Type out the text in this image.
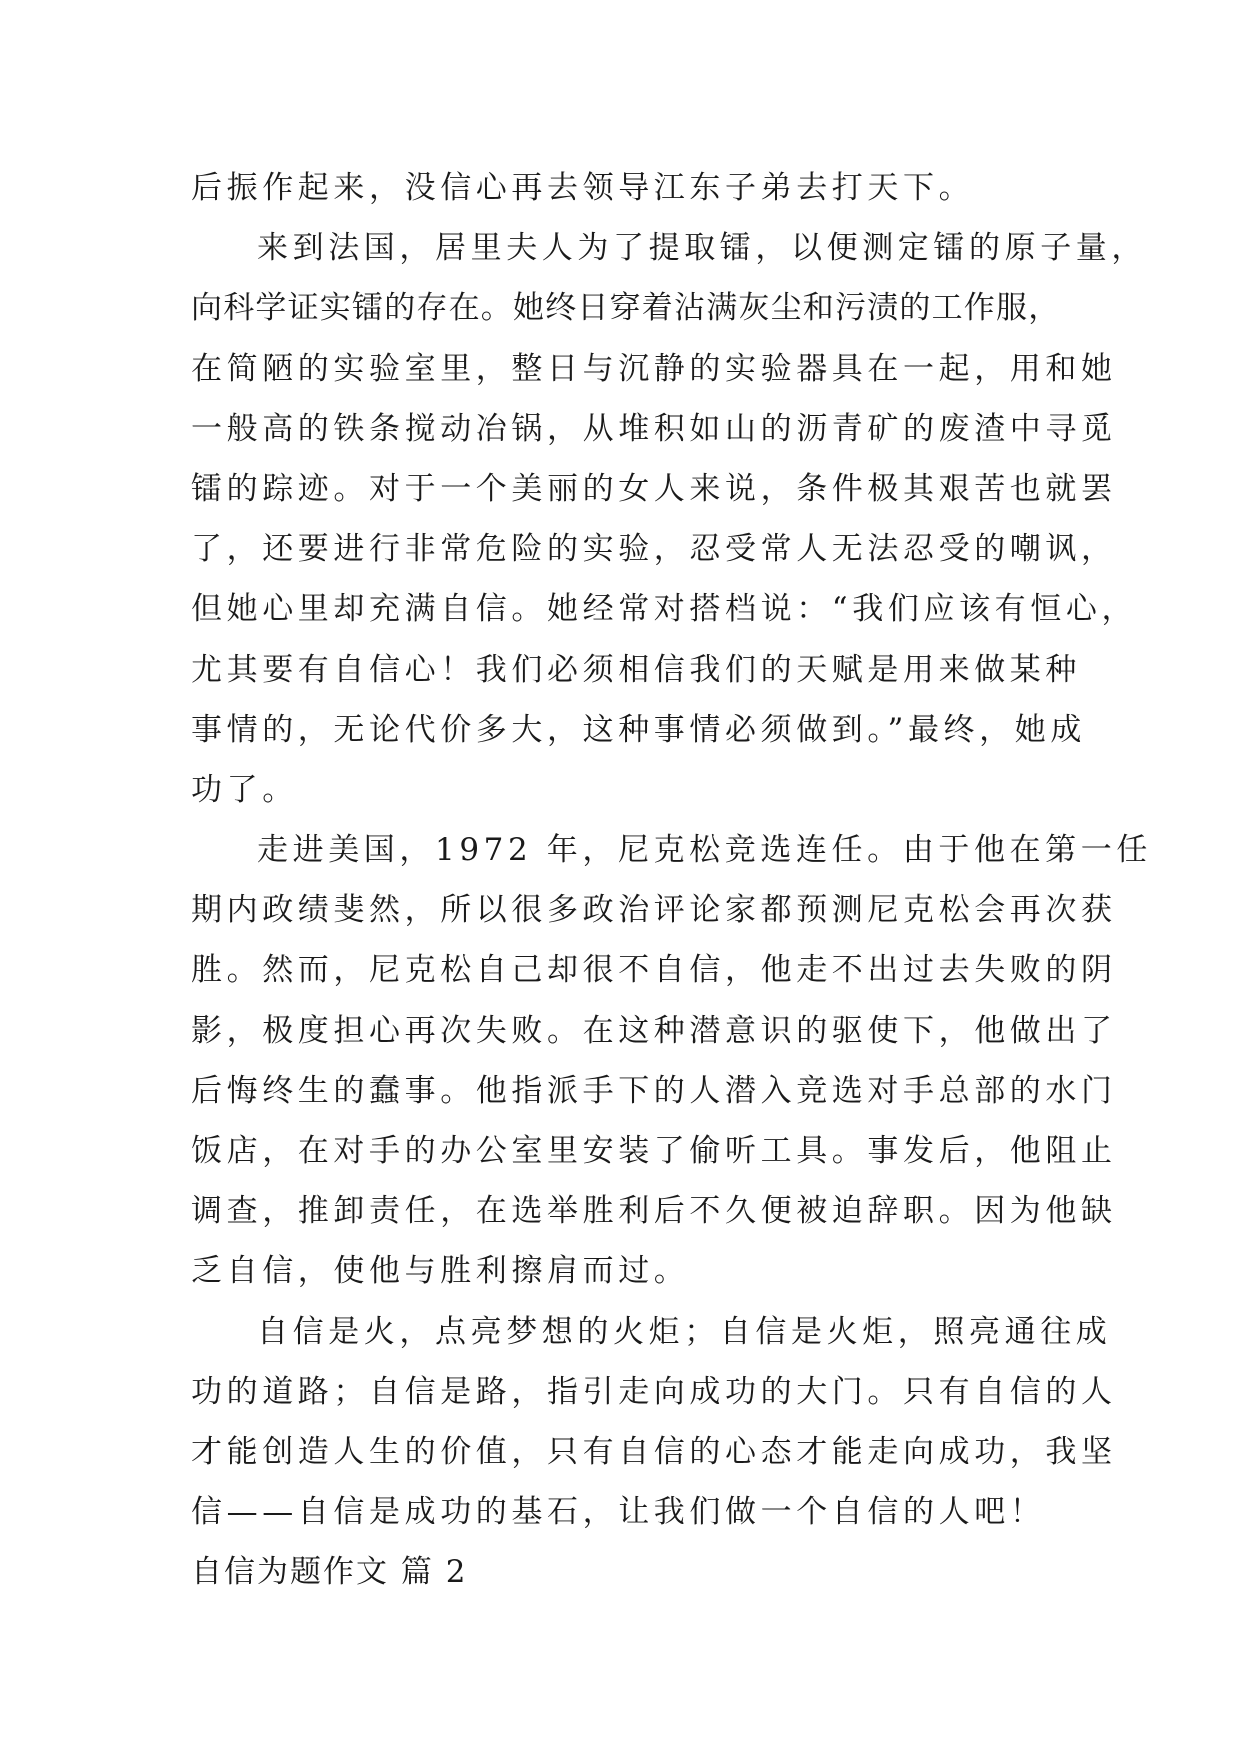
后振作起来，没信心再去领导江东子弟去打天下。
来到法国，居里夫人为了提取镭，以便测定镭的原子量，
向科学证实镭的存在。她终日穿着沾满灰尘和污渍的工作服，
在简陋的实验室里，整日与沉静的实验器具在一起，用和她
一般高的铁条搅动冶锅，从堆积如山的沥青矿的废渣中寻觅
镭的踪迹。对于一个美丽的女人来说，条件极其艰苦也就罢
了，还要进行非常危险的实验，忍受常人无法忍受的嘲讽，
但她心里却充满自信。她经常对搭档说：“我们应该有恒心，
尤其要有自信心！我们必须相信我们的天赋是用来做某种
事情的，无论代价多大，这种事情必须做到。”最终，她成
功了。
走进美国，1972 年，尼克松竞选连任。由于他在第一任
期内政绩斐然，所以很多政治评论家都预测尼克松会再次获
胜。然而，尼克松自己却很不自信，他走不出过去失败的阴
影，极度担心再次失败。在这种潜意识的驱使下，他做出了
后悔终生的蠢事。他指派手下的人潜入竞选对手总部的水门
饭店，在对手的办公室里安装了偷听工具。事发后，他阻止
调查，推卸责任，在选举胜利后不久便被迫辞职。因为他缺
乏自信，使他与胜利擦肩而过。
自信是火，点亮梦想的火炬；自信是火炬，照亮通往成
功的道路；自信是路，指引走向成功的大门。只有自信的人
才能创造人生的价值，只有自信的心态才能走向成功，我坚
信——自信是成功的基石，让我们做一个自信的人吧！
自信为题作文 篇 2
